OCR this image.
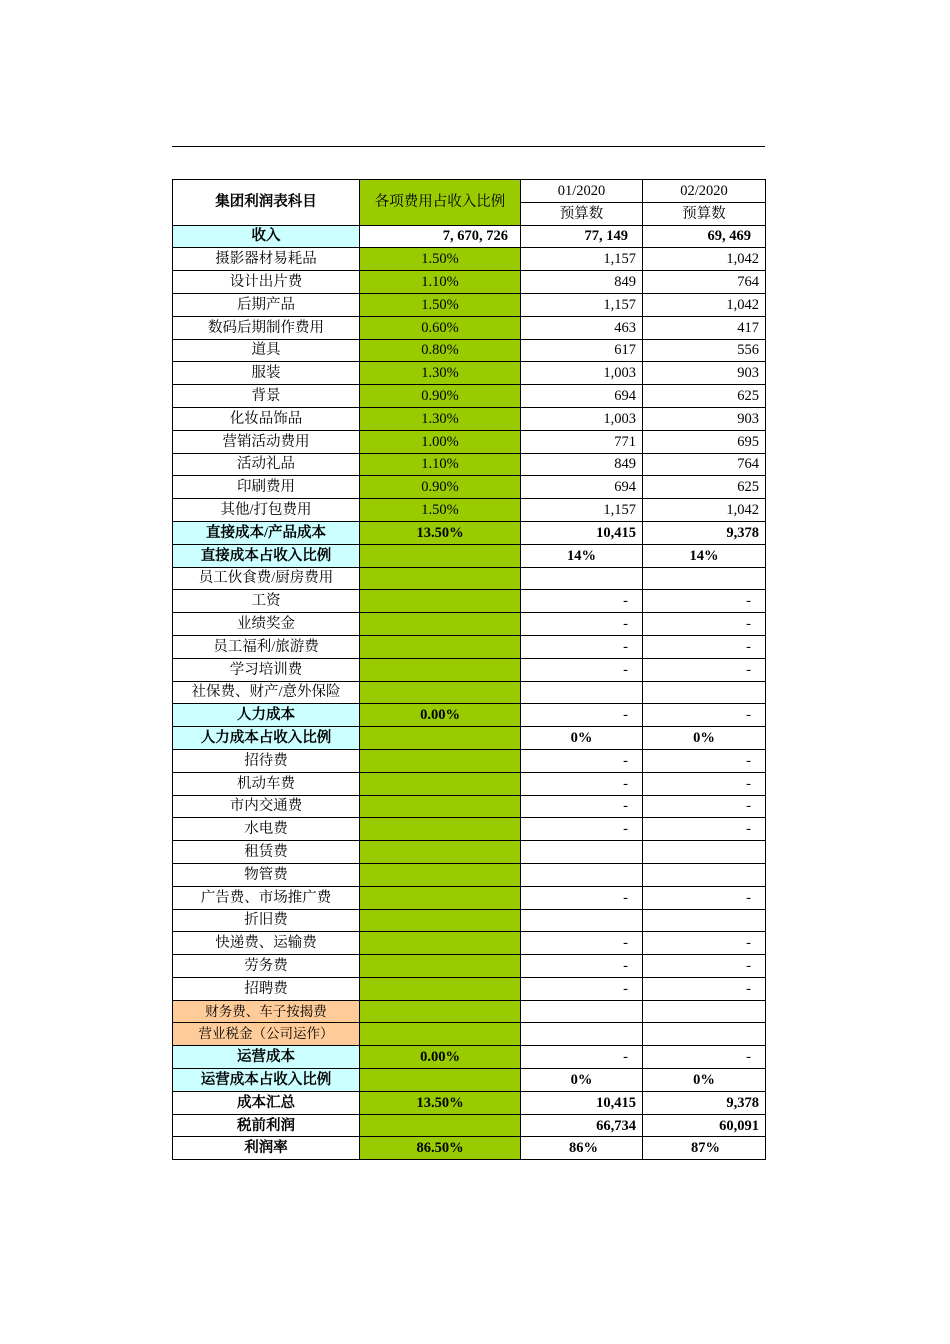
集团利润表科目	各项费用占收入比例	01/2020	02/2020
		预算数	预算数
收入	7, 670, 726	77, 149	69, 469
摄影器材易耗品	1.50%	1,157	1,042
设计出片费	1.10%	849	764
后期产品	1.50%	1,157	1,042
数码后期制作费用	0.60%	463	417
道具	0.80%	617	556
服装	1.30%	1,003	903
背景	0.90%	694	625
化妆品饰品	1.30%	1,003	903
营销活动费用	1.00%	771	695
活动礼品	1.10%	849	764
印刷费用	0.90%	694	625
其他/打包费用	1.50%	1,157	1,042
直接成本/产品成本	13.50%	10,415	9,378
直接成本占收入比例		14%	14%
员工伙食费/厨房费用			
工资		-	-
业绩奖金		-	-
员工福利/旅游费		-	-
学习培训费		-	-
社保费、财产/意外保险			
人力成本	0.00%	-	-
人力成本占收入比例		0%	0%
招待费		-	-
机动车费		-	-
市内交通费		-	-
水电费		-	-
租赁费			
物管费			
广告费、市场推广费		-	-
折旧费			
快递费、运输费		-	-
劳务费		-	-
招聘费		-	-
财务费、车子按揭费			
营业税金（公司运作）			
运营成本	0.00%	-	-
运营成本占收入比例		0%	0%
成本汇总	13.50%	10,415	9,378
税前利润		66,734	60,091
利润率	86.50%	86%	87%
